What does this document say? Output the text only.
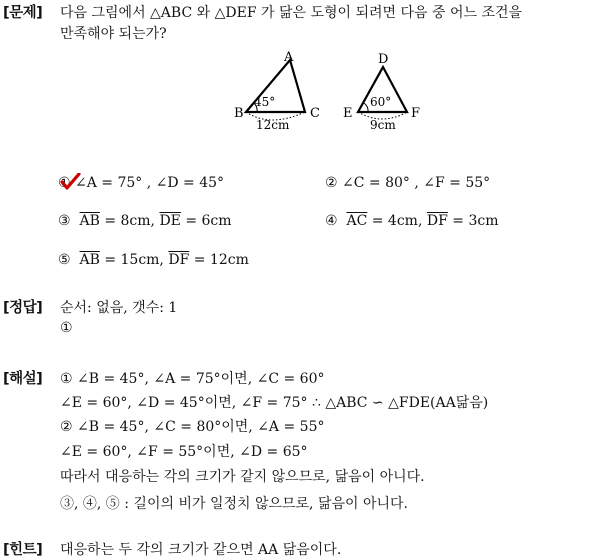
[문제] 다음 그림에서 △ABC 와 △DEF 가 닮은 도형이 되려면 다음 중 어느 조건을
만족해야 되는가?
A
B	C
45°
12cm
D
E	F
60°
9cm
① ∠A = 75° , ∠D = 45°	② ∠C = 80° , ∠F = 55°
③ $\overline{AB} = 8cm$, $\overline{DE} = 6cm$	④ $\overline{AC} = 4cm$, $\overline{DF} = 3cm$
⑤ $\overline{AB} = 15cm$, $\overline{DF} = 12cm$
[정답] 순서: 없음, 갯수: 1
①
[해설] ① ∠B = 45°, ∠A = 75°이면, ∠C = 60°
∠E = 60°, ∠D = 45°이면, ∠F = 75° ∴ △ABC ∽ △FDE(AA닮음)
② ∠B = 45°, ∠C = 80°이면, ∠A = 55°
∠E = 60°, ∠F = 55°이면, ∠D = 65°
따라서 대응하는 각의 크기가 같지 않으므로, 닮음이 아니다.
③, ④, ⑤ : 길이의 비가 일정치 않으므로, 닮음이 아니다.
[힌트] 대응하는 두 각의 크기가 같으면 AA 닮음이다.
